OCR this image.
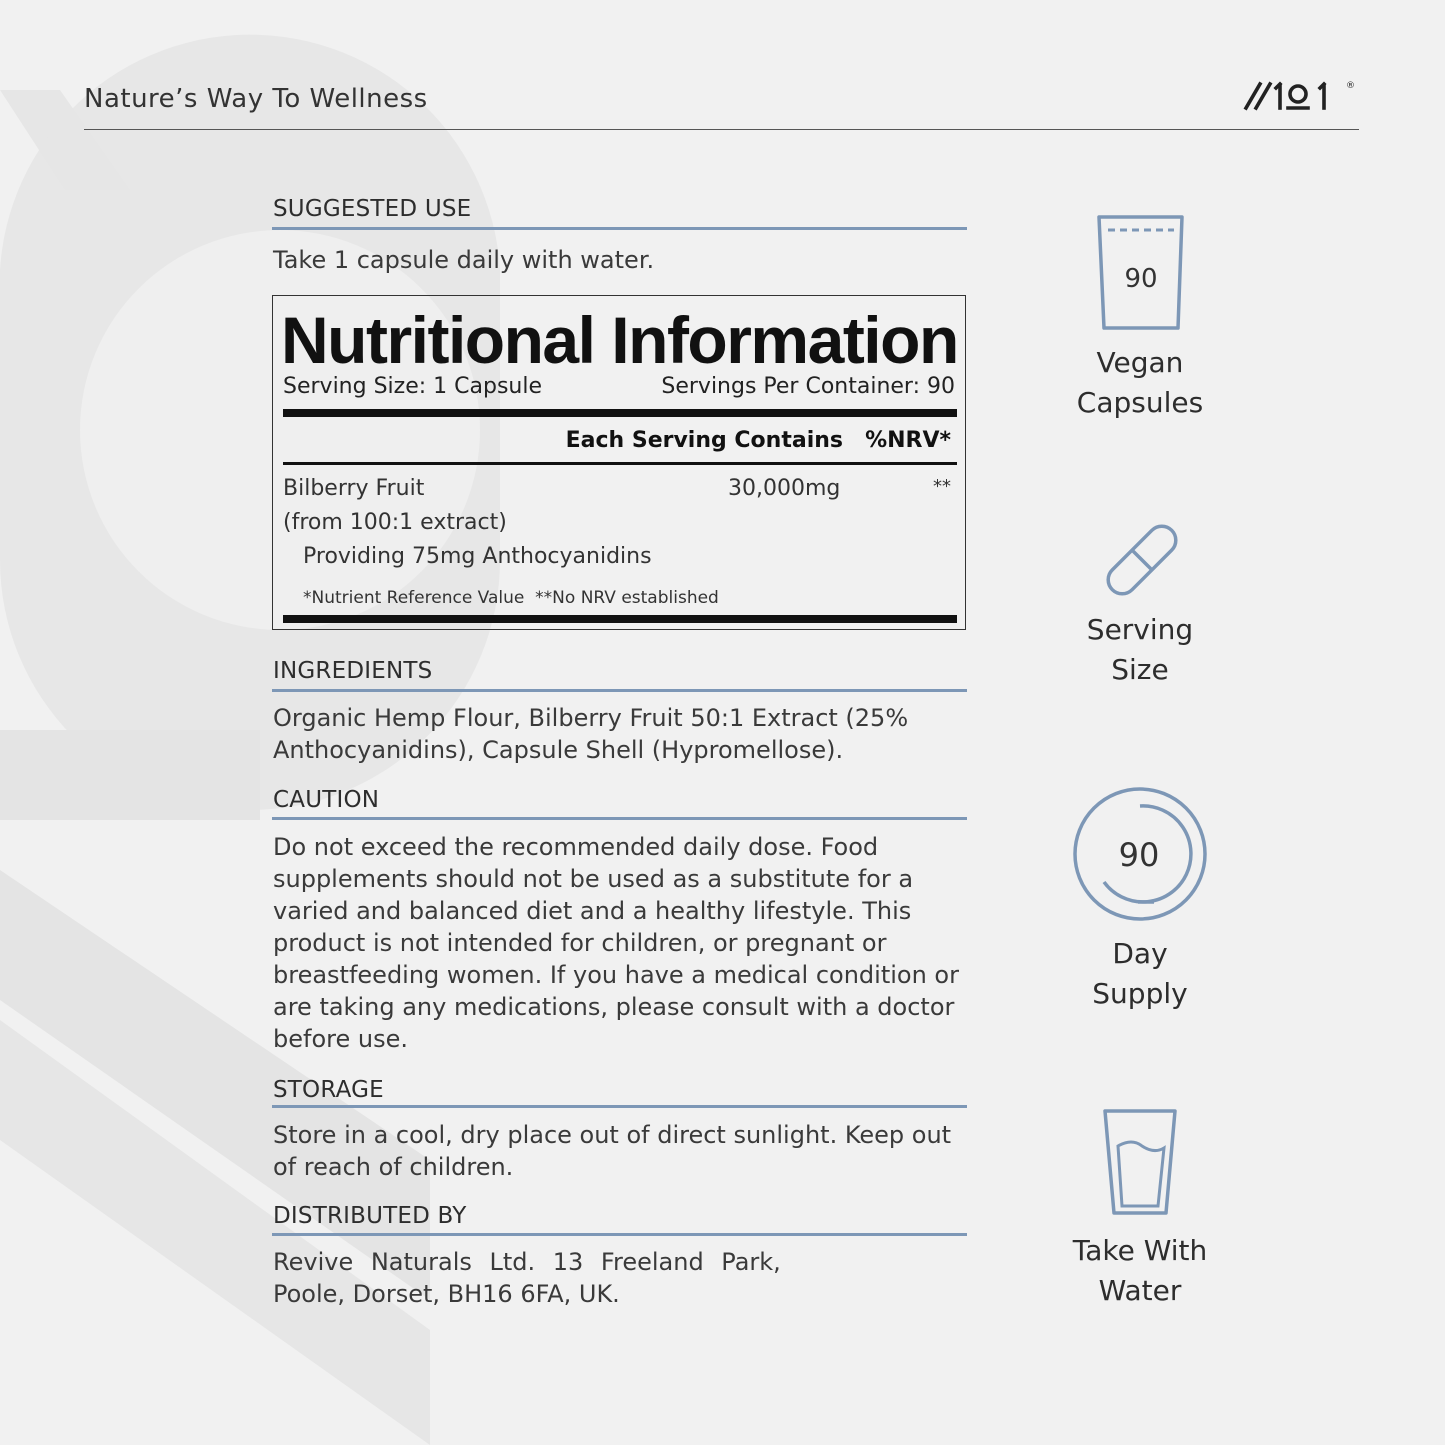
Nature’s Way To Wellness	®
SUGGESTED USE
Take 1 capsule daily with water.
Nutritional Information
Serving Size: 1 Capsule	Servings Per Container: 90
Each Serving Contains %NRV*
Bilberry Fruit	30,000mg	**
(from 100:1 extract)
Providing 75mg Anthocyanidins
*Nutrient Reference Value  **No NRV established
INGREDIENTS
Organic Hemp Flour, Bilberry Fruit 50:1 Extract (25% Anthocyanidins), Capsule Shell (Hypromellose).
CAUTION
Do not exceed the recommended daily dose. Food supplements should not be used as a substitute for a varied and balanced diet and a healthy lifestyle. This product is not intended for children, or pregnant or breastfeeding women. If you have a medical condition or are taking any medications, please consult with a doctor before use.
STORAGE
Store in a cool, dry place out of direct sunlight. Keep out of reach of children.
DISTRIBUTED BY
Revive Naturals Ltd. 13 Freeland Park,
Poole, Dorset, BH16 6FA, UK.
90
Vegan
Capsules
Serving
Size
90
Day
Supply
Take With
Water
